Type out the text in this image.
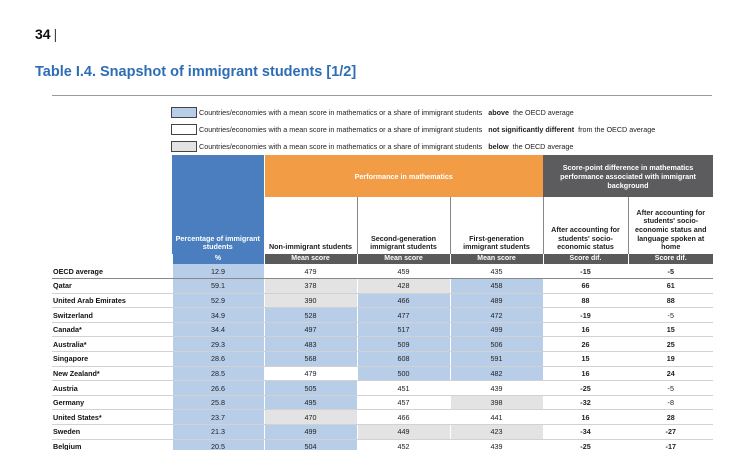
34 |
Table I.4. Snapshot of immigrant students [1/2]
Countries/economies with a mean score in mathematics or a share of immigrant students above the OECD average
Countries/economies with a mean score in mathematics or a share of immigrant students not significantly different from the OECD average
Countries/economies with a mean score in mathematics or a share of immigrant students below the OECD average
	Percentage of immigrant students	Performance in mathematics			Score-point difference in mathematics performance associated with immigrant background	
		Non-immigrant students	Second-generation immigrant students	First-generation immigrant students	After accounting for students' socio-economic status	After accounting for students' socio-economic status and language spoken at home
	%	Mean score	Mean score	Mean score	Score dif.	Score dif.
OECD average	12.9	479	459	435	-15	-5
Qatar	59.1	378	428	458	66	61
United Arab Emirates	52.9	390	466	489	88	88
Switzerland	34.9	528	477	472	-19	-5
Canada*	34.4	497	517	499	16	15
Australia*	29.3	483	509	506	26	25
Singapore	28.6	568	608	591	15	19
New Zealand*	28.5	479	500	482	16	24
Austria	26.6	505	451	439	-25	-5
Germany	25.8	495	457	398	-32	-8
United States*	23.7	470	466	441	16	28
Sweden	21.3	499	449	423	-34	-27
Belgium	20.5	504	452	439	-25	-17
